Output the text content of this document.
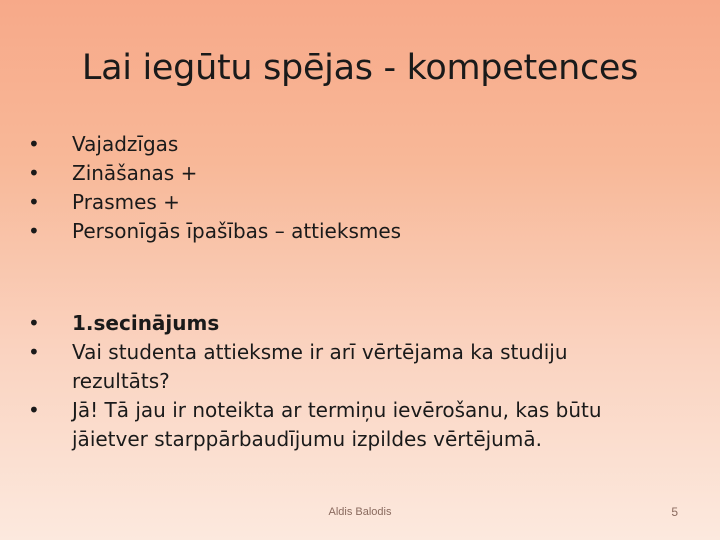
Lai iegūtu spējas - kompetences
•	Vajadzīgas
•	Zināšanas +
•	Prasmes +
•	Personīgās īpašības – attieksmes
•	1.secinājums
•	Vai studenta attieksme ir arī vērtējama ka studiju rezultāts?
•	Jā! Tā jau ir noteikta ar termiņu ievērošanu, kas būtu jāietver starppārbaudījumu izpildes vērtējumā.
Aldis Balodis	5
